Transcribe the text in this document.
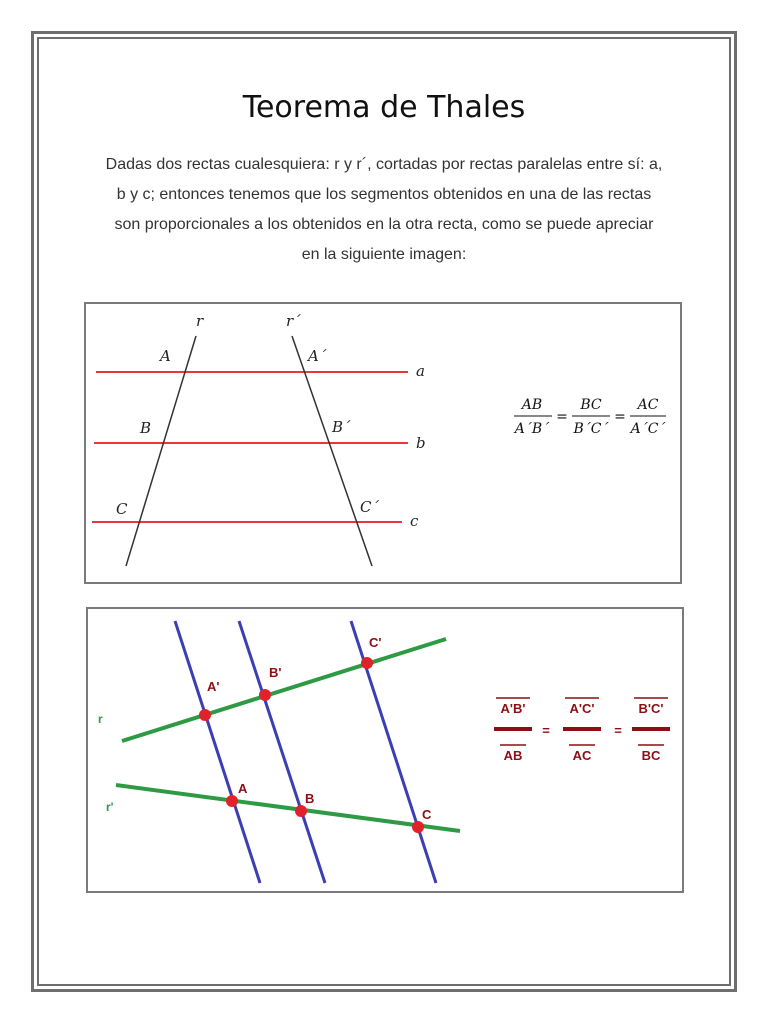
Teorema de Thales
Dadas dos rectas cualesquiera: r y r´, cortadas por rectas paralelas entre sí: a, b y c; entonces tenemos que los segmentos obtenidos en una de las rectas son proporcionales a los obtenidos en la otra recta, como se puede apreciar en la siguiente imagen:
r	r´
a
b
c
A
B
C
A´
B´
C´
AB
A´B´
=
BC
B´C´
=
AC
A´C´
A'
B'
C'
A
B
C
r
r'
A'B'
AB
=
A'C'
AC
=
B'C'
BC
